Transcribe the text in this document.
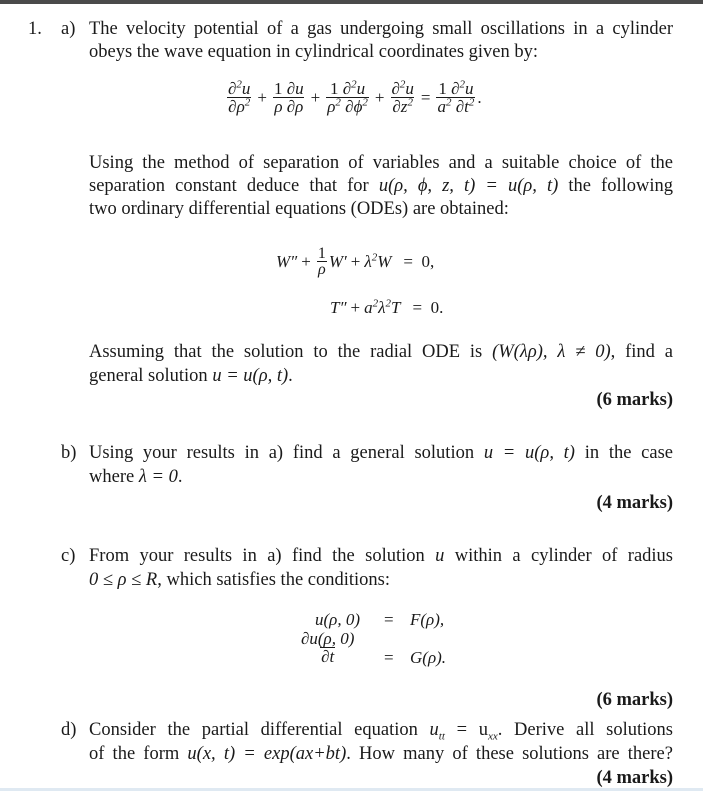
1. a) The velocity potential of a gas undergoing small oscillations in a cylinder
obeys the wave equation in cylindrical coordinates given by:
$\frac{\partial^2u}{\partial\rho^2} + \frac{1 \partial u}{\rho \partial\rho} + \frac{1 \partial^2u}{\rho^2 \partial\phi^2} + \frac{\partial^2u}{\partial z^2} = \frac{1 \partial^2u}{a^2 \partial t^2}$ .
Using the method of separation of variables and a suitable choice of the
separation constant deduce that for u(ρ, ϕ, z, t) = u(ρ, t) the following
two ordinary differential equations (ODEs) are obtained:
$W'' + \frac{1}{\rho} W' + \lambda^2W = 0$,
$T'' + a^2\lambda^2T = 0$.
Assuming that the solution to the radial ODE is (W(λρ), λ ≠ 0), find a
general solution u = u(ρ, t).
(6 marks)
b) Using your results in a) find a general solution u = u(ρ, t) in the case
where λ = 0.
(4 marks)
c) From your results in a) find the solution u within a cylinder of radius
0 ≤ ρ ≤ R, which satisfies the conditions:
u(ρ, 0) = F(ρ),
$\frac{\partial u(\rho, 0)}{\partial t} = G(\rho)$.
(6 marks)
d) Consider the partial differential equation $u_{tt} = u_{xx}$. Derive all solutions
of the form u(x, t) = exp(ax+bt). How many of these solutions are there?
(4 marks)
